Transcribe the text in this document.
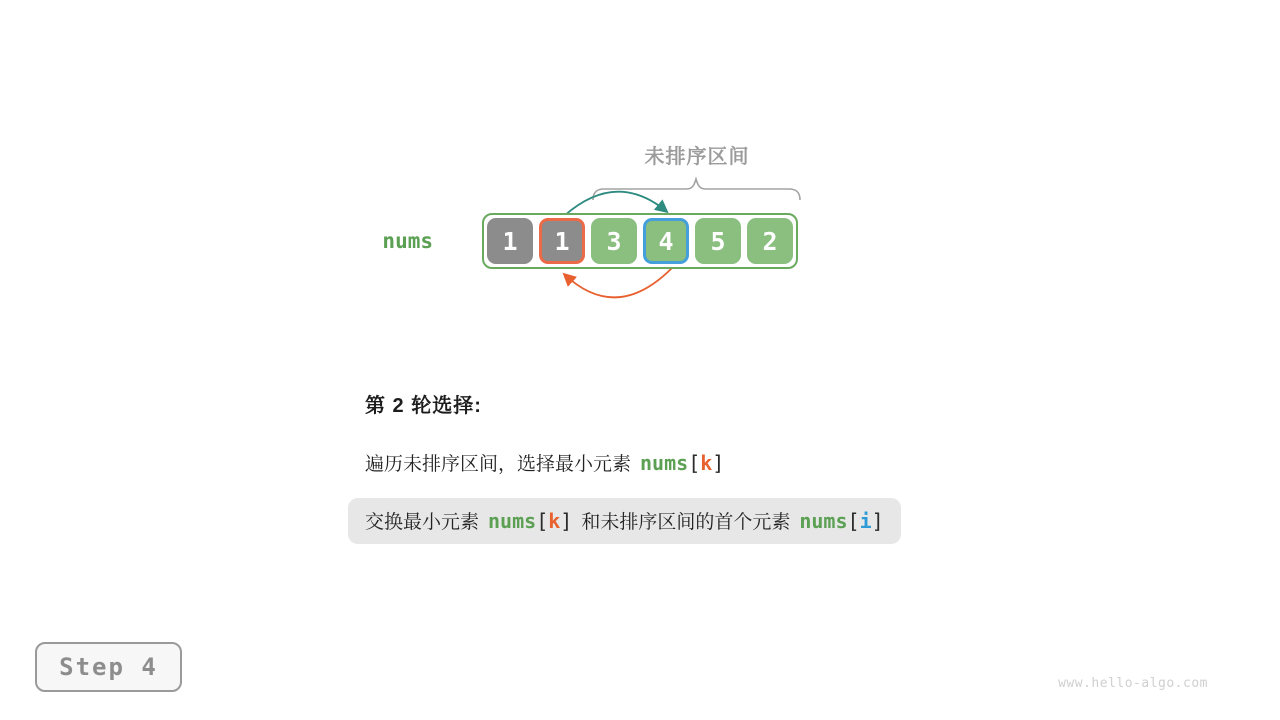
未排序区间
nums	1 1 3 4 5 2
第 2 轮选择:
遍历未排序区间，选择最小元素 nums[k]
交换最小元素 nums[k] 和未排序区间的首个元素 nums[i]
Step 4
www.hello-algo.com
